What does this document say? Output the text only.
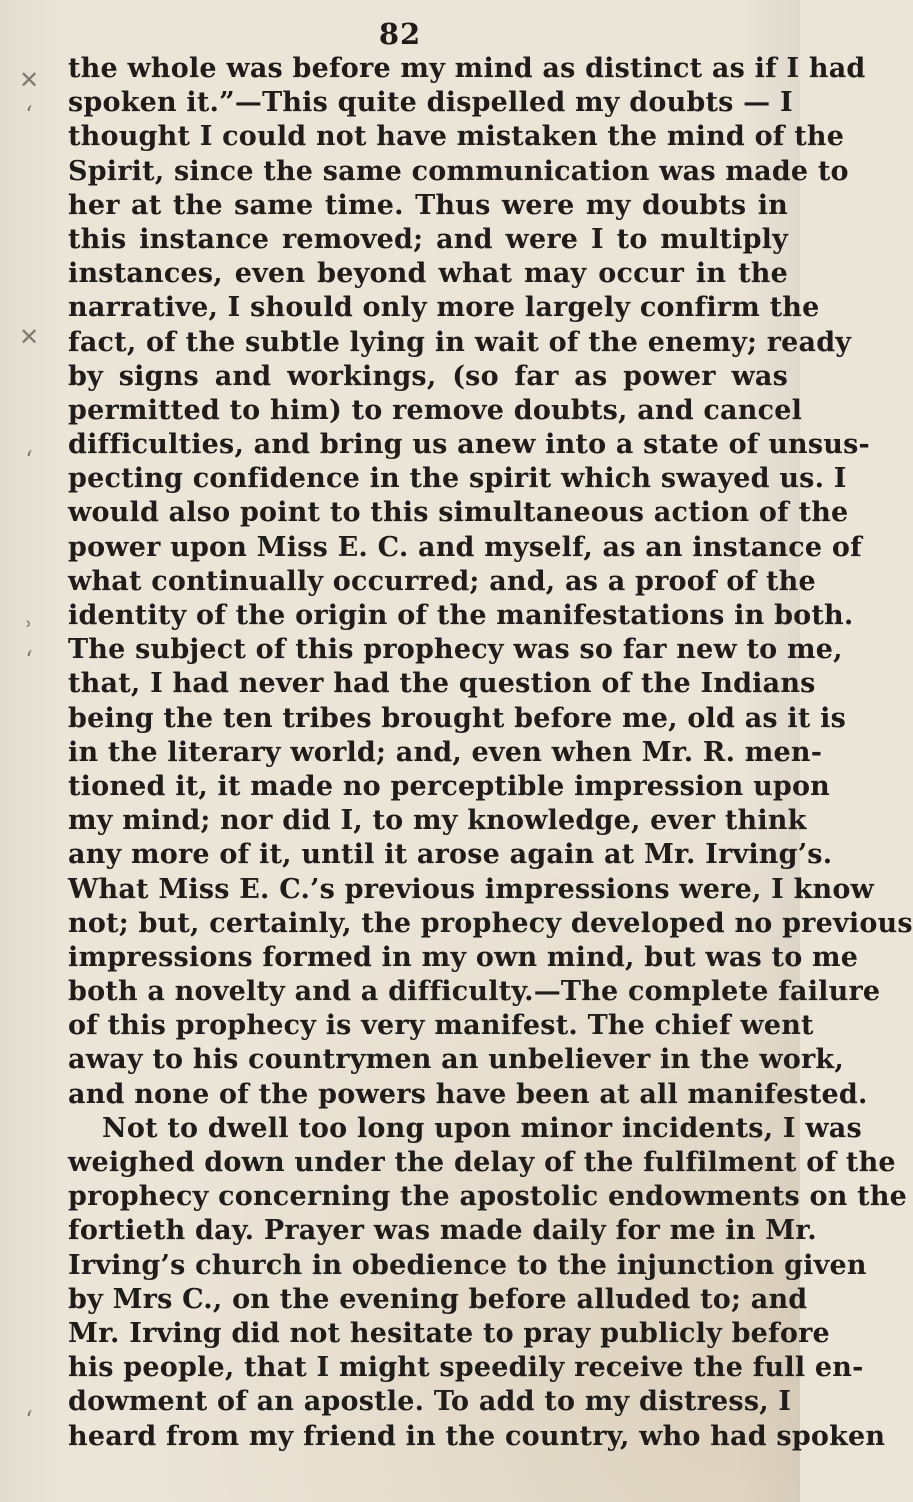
82
✕
‘
✕
‘
˒
‘
‘
the whole was before my mind as distinct as if I had
spoken it.”—This quite dispelled my doubts — I
thought I could not have mistaken the mind of the
Spirit, since the same communication was made to
her at the same time. Thus were my doubts in
this instance removed; and were I to multiply
instances, even beyond what may occur in the
narrative, I should only more largely confirm the
fact, of the subtle lying in wait of the enemy; ready
by signs and workings, (so far as power was
permitted to him) to remove doubts, and cancel
difficulties, and bring us anew into a state of unsus-
pecting confidence in the spirit which swayed us. I
would also point to this simultaneous action of the
power upon Miss E. C. and myself, as an instance of
what continually occurred; and, as a proof of the
identity of the origin of the manifestations in both.
The subject of this prophecy was so far new to me,
that, I had never had the question of the Indians
being the ten tribes brought before me, old as it is
in the literary world; and, even when Mr. R. men-
tioned it, it made no perceptible impression upon
my mind; nor did I, to my knowledge, ever think
any more of it, until it arose again at Mr. Irving’s.
What Miss E. C.’s previous impressions were, I know
not; but, certainly, the prophecy developed no previous
impressions formed in my own mind, but was to me
both a novelty and a difficulty.—The complete failure
of this prophecy is very manifest. The chief went
away to his countrymen an unbeliever in the work,
and none of the powers have been at all manifested.
Not to dwell too long upon minor incidents, I was
weighed down under the delay of the fulfilment of the
prophecy concerning the apostolic endowments on the
fortieth day. Prayer was made daily for me in Mr.
Irving’s church in obedience to the injunction given
by Mrs C., on the evening before alluded to; and
Mr. Irving did not hesitate to pray publicly before
his people, that I might speedily receive the full en-
dowment of an apostle. To add to my distress, I
heard from my friend in the country, who had spoken
